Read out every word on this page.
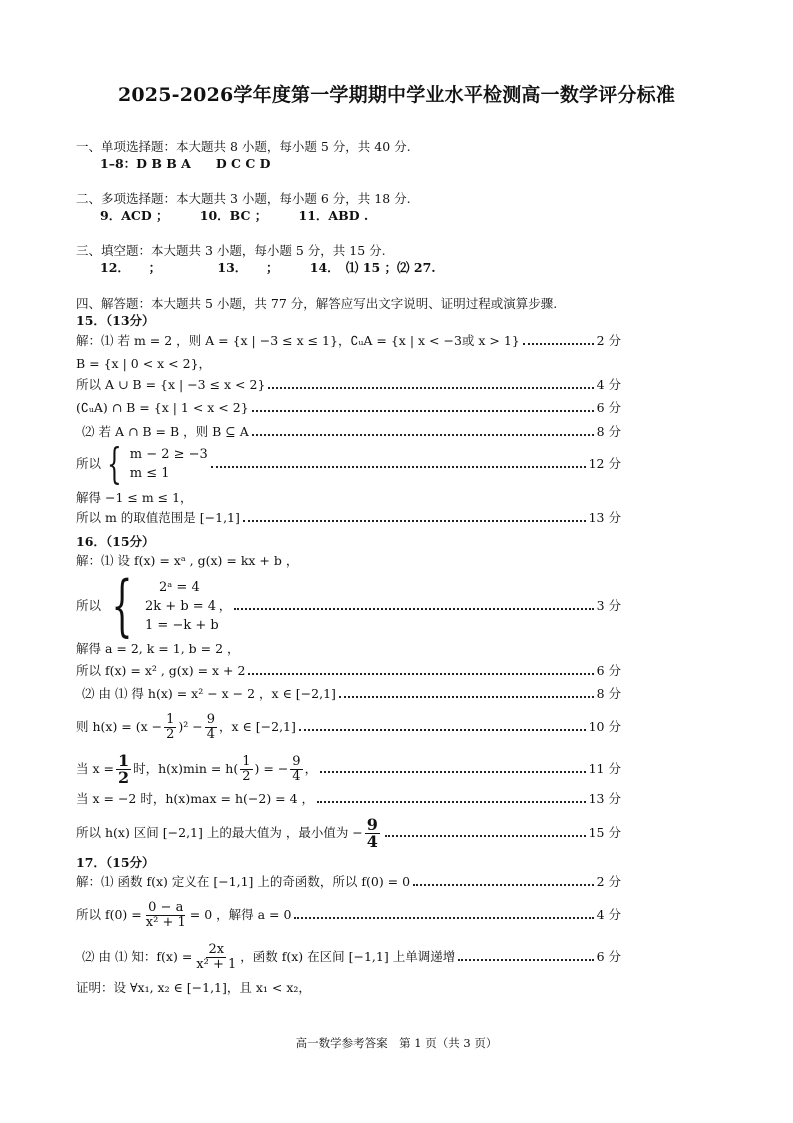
2025-2026学年度第一学期期中学业水平检测高一数学评分标准
一、单项选择题：本大题共 8 小题，每小题 5 分，共 40 分.
1–8：D B B A　　D C C D
二、多项选择题：本大题共 3 小题，每小题 6 分，共 18 分.
9．ACD ；　　　10．BC ；　　　11．ABD .
三、填空题：本大题共 3 小题，每小题 5 分，共 15 分.
12．　　；　　　　　13．　　；　　　14．　⑴ 15 ；⑵ 27.
四、解答题：本大题共 5 小题，共 77 分，解答应写出文字说明、证明过程或演算步骤.
15．（13分）
解：⑴ 若 m = 2 ，则 A = {x | −3 ≤ x ≤ 1}，∁ᵤA = {x | x < −3或 x > 1}	2 分
B = {x | 0 < x < 2}，
所以 A ∪ B = {x | −3 ≤ x < 2}	4 分
(∁ᵤA) ∩ B = {x | 1 < x < 2}	6 分
⑵ 若 A ∩ B = B ，则 B ⊆ A	8 分
所以 { m − 2 ≥ −3
m ≤ 1
12 分
解得 −1 ≤ m ≤ 1，
所以 m 的取值范围是 [−1,1]	13 分
16．（15分）
解：⑴ 设 f(x) = xᵃ , g(x) = kx + b ，
所以 {	2ᵃ = 4
2k + b = 4
1 = −k + b
，	3 分
解得 a = 2, k = 1, b = 2 ，
所以 f(x) = x² , g(x) = x + 2	6 分
⑵ 由 ⑴ 得 h(x) = x² − x − 2 ，x ∈ [−2,1]	8 分
则 $h(x) = (x - \frac{1}{2} )^2 - \frac{9}{4}$ ，x ∈ [−2,1]	10 分
当 $x = \frac{1}{2}$ 时，$h(x)\min = h( \frac{1}{2}$ ) = − $\frac{9}{4}$ ，	11 分
当 x = −2 时，h(x)max = h(−2) = 4 ，	13 分
所以 h(x) 区间 [−2,1] 上的最大值为 ，最小值为 − $\frac{9}{4}$	15 分
17．（15分）
解：⑴ 函数 f(x) 定义在 [−1,1] 上的奇函数，所以 f(0) = 0	2 分
所以 $f(0) = \frac{0 - a}{\text{x² + 1}} = 0$ ，解得 a = 0	4 分
⑵ 由 ⑴ 知：$f(x) = \frac{2x}{\text{x² + 1}}$ ，函数 f(x) 在区间 [−1,1] 上单调递增	6 分
证明：设 ∀x₁, x₂ ∈ [−1,1]，且 x₁ < x₂，
高一数学参考答案　第 1 页（共 3 页）
